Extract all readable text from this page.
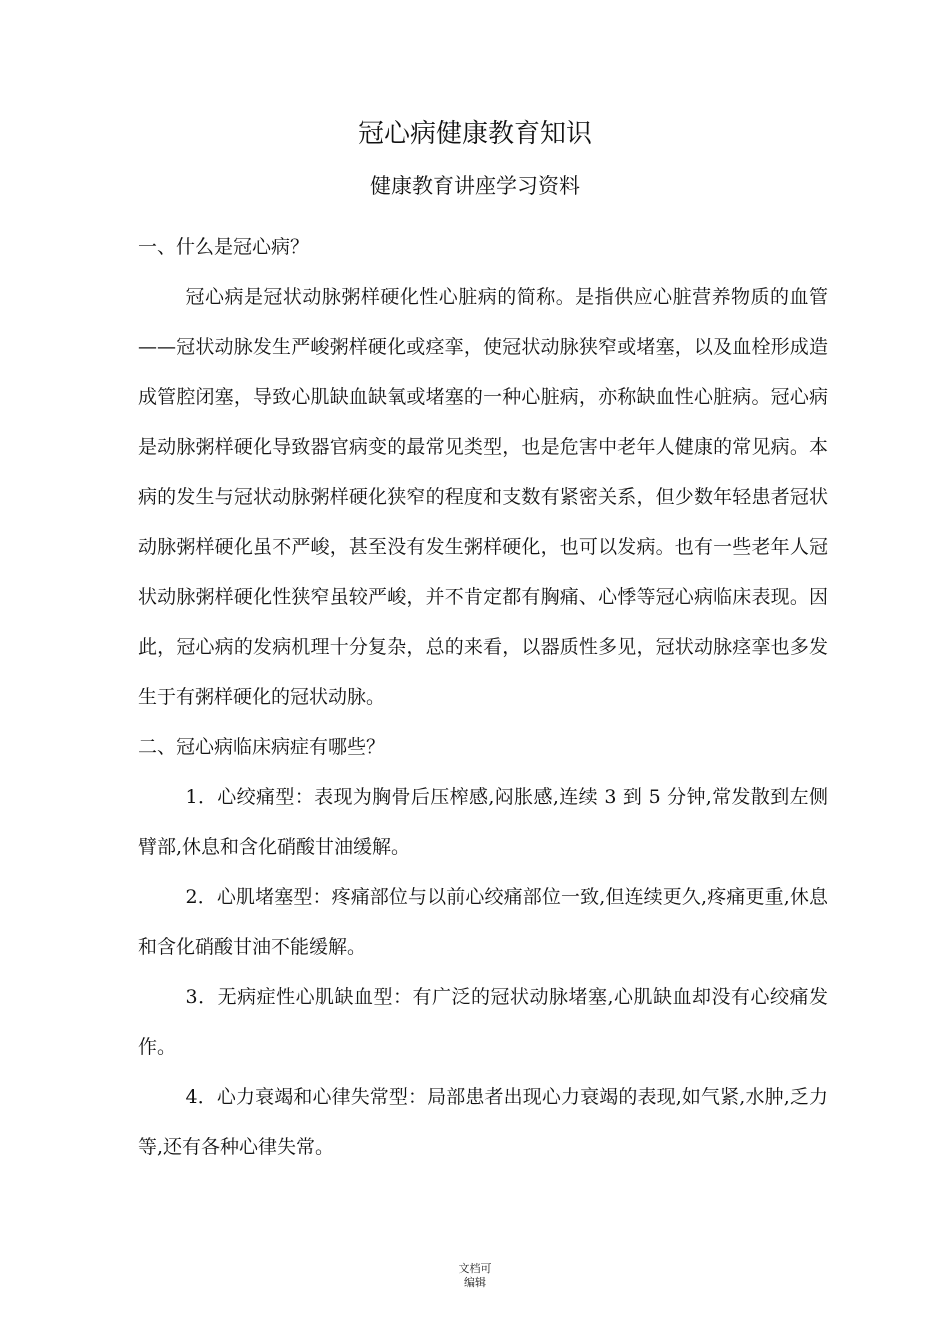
冠心病健康教育知识
健康教育讲座学习资料

一、什么是冠心病？

冠心病是冠状动脉粥样硬化性心脏病的简称。是指供应心脏营养物质的血管——冠状动脉发生严峻粥样硬化或痉挛，使冠状动脉狭窄或堵塞，以及血栓形成造成管腔闭塞，导致心肌缺血缺氧或堵塞的一种心脏病，亦称缺血性心脏病。冠心病是动脉粥样硬化导致器官病变的最常见类型，也是危害中老年人健康的常见病。本病的发生与冠状动脉粥样硬化狭窄的程度和支数有紧密关系，但少数年轻患者冠状动脉粥样硬化虽不严峻，甚至没有发生粥样硬化，也可以发病。也有一些老年人冠状动脉粥样硬化性狭窄虽较严峻，并不肯定都有胸痛、心悸等冠心病临床表现。因此，冠心病的发病机理十分复杂，总的来看，以器质性多见，冠状动脉痉挛也多发生于有粥样硬化的冠状动脉。

二、冠心病临床病症有哪些？

1．心绞痛型：表现为胸骨后压榨感,闷胀感,连续 3 到 5 分钟,常发散到左侧臂部,休息和含化硝酸甘油缓解。

2．心肌堵塞型：疼痛部位与以前心绞痛部位一致,但连续更久,疼痛更重,休息和含化硝酸甘油不能缓解。

3．无病症性心肌缺血型：有广泛的冠状动脉堵塞,心肌缺血却没有心绞痛发作。

4．心力衰竭和心律失常型：局部患者出现心力衰竭的表现,如气紧,水肿,乏力等,还有各种心律失常。

文档可
编辑
